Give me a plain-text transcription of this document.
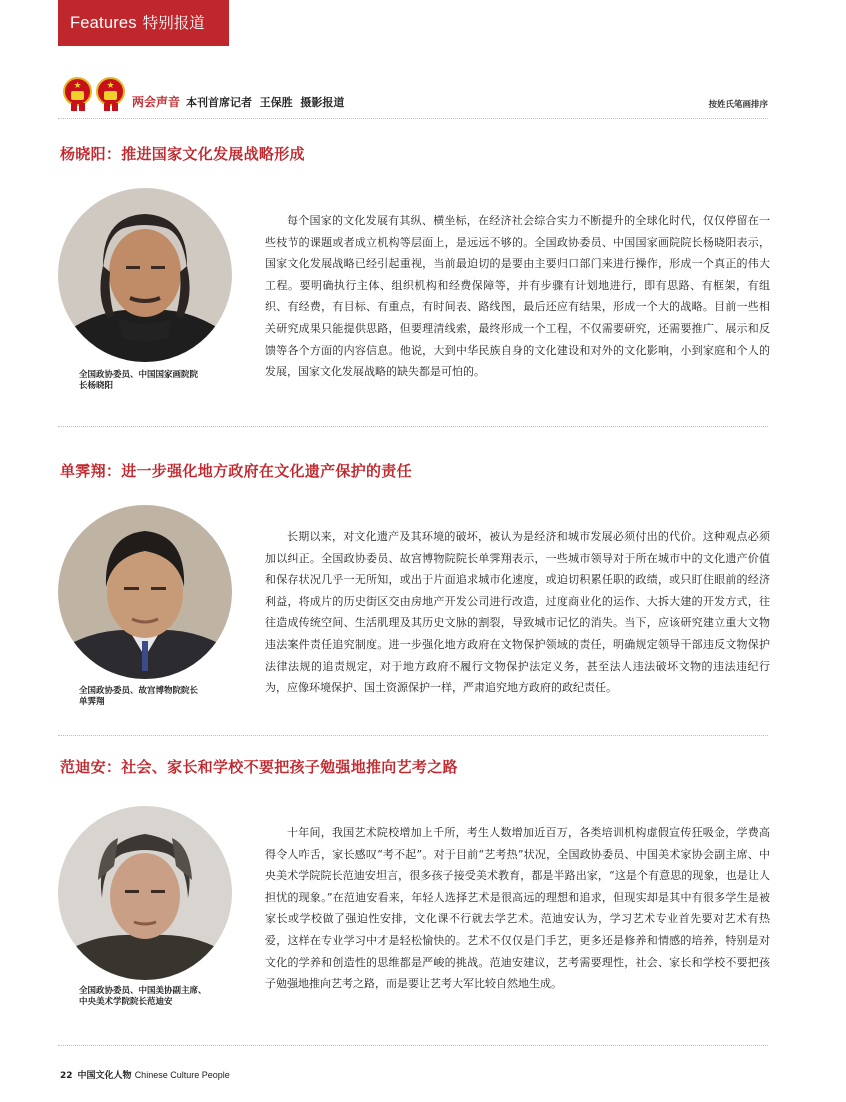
Features 特别报道
★	★
两会声音 本刊首席记者  王保胜  摄影报道	按姓氏笔画排序
杨晓阳：推进国家文化发展战略形成
全国政协委员、中国国家画院院
长杨晓阳

每个国家的文化发展有其纵、横坐标，在经济社会综合实力不断提升的全球化时代，仅仅停留在一些枝节的课题或者成立机构等层面上，是远远不够的。全国政协委员、中国国家画院院长杨晓阳表示，国家文化发展战略已经引起重视，当前最迫切的是要由主要归口部门来进行操作，形成一个真正的伟大工程。要明确执行主体、组织机构和经费保障等，并有步骤有计划地进行，即有思路、有框架，有组织、有经费，有目标、有重点，有时间表、路线图，最后还应有结果，形成一个大的战略。目前一些相关研究成果只能提供思路，但要理清线索，最终形成一个工程，不仅需要研究，还需要推广、展示和反馈等各个方面的内容信息。他说，大到中华民族自身的文化建设和对外的文化影响，小到家庭和个人的发展，国家文化发展战略的缺失都是可怕的。

单霁翔：进一步强化地方政府在文化遗产保护的责任
全国政协委员、故宫博物院院长
单霁翔

长期以来，对文化遗产及其环境的破坏，被认为是经济和城市发展必须付出的代价。这种观点必须加以纠正。全国政协委员、故宫博物院院长单霁翔表示，一些城市领导对于所在城市中的文化遗产价值和保存状况几乎一无所知，或出于片面追求城市化速度，或迫切积累任职的政绩，或只盯住眼前的经济利益，将成片的历史街区交由房地产开发公司进行改造，过度商业化的运作、大拆大建的开发方式，往往造成传统空间、生活肌理及其历史文脉的割裂，导致城市记忆的消失。当下，应该研究建立重大文物违法案件责任追究制度。进一步强化地方政府在文物保护领域的责任，明确规定领导干部违反文物保护法律法规的追责规定，对于地方政府不履行文物保护法定义务，甚至法人违法破坏文物的违法违纪行为，应像环境保护、国土资源保护一样，严肃追究地方政府的政纪责任。

范迪安：社会、家长和学校不要把孩子勉强地推向艺考之路
全国政协委员、中国美协副主席、
中央美术学院院长范迪安

十年间，我国艺术院校增加上千所，考生人数增加近百万，各类培训机构虚假宣传狂吸金，学费高得令人咋舌，家长感叹“考不起”。对于目前“艺考热”状况，全国政协委员、中国美术家协会副主席、中央美术学院院长范迪安坦言，很多孩子接受美术教育，都是半路出家，“这是个有意思的现象，也是让人担忧的现象。”在范迪安看来，年轻人选择艺术是很高远的理想和追求，但现实却是其中有很多学生是被家长或学校做了强迫性安排，文化课不行就去学艺术。范迪安认为，学习艺术专业首先要对艺术有热爱，这样在专业学习中才是轻松愉快的。艺术不仅仅是门手艺，更多还是修养和情感的培养，特别是对文化的学养和创造性的思维都是严峻的挑战。范迪安建议，艺考需要理性，社会、家长和学校不要把孩子勉强地推向艺考之路，而是要让艺考大军比较自然地生成。

22 中国文化人物 Chinese Culture People
